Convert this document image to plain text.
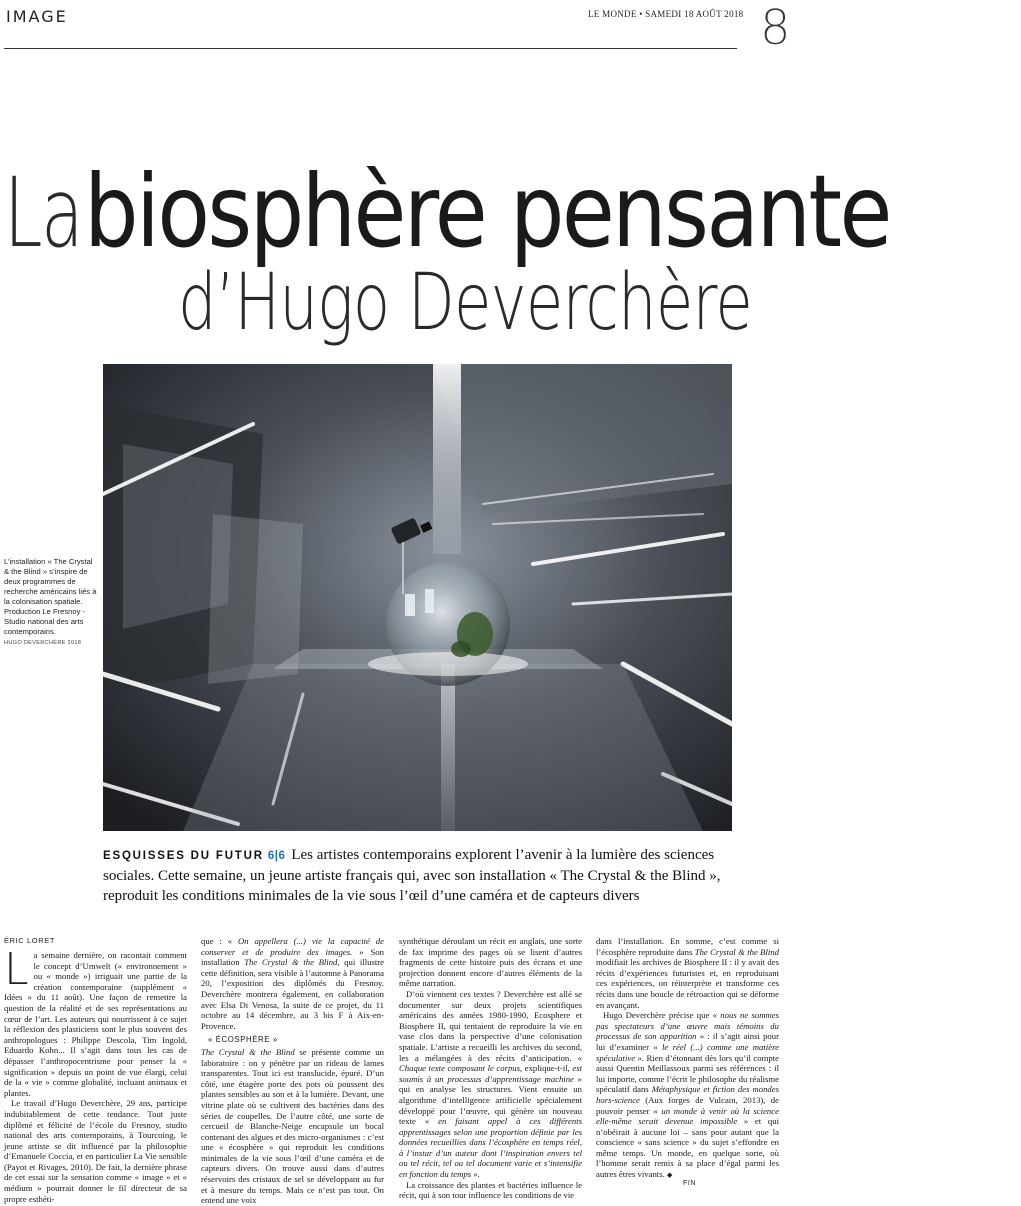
IMAGE	LE MONDE • SAMEDI 18 AOÛT 2018 8
Labiosphère pensante
d’Hugo Deverchère
L’installation « The Crystal & the Blind » s’inspire de deux programmes de recherche américains liés à la colonisation spatiale. Production Le Fresnoy - Studio national des arts contemporains.
HUGO DEVERCHÈRE 2018
ESQUISSES DU FUTUR 6|6 Les artistes contemporains explorent l’avenir à la lumière des sciences sociales. Cette semaine, un jeune artiste français qui, avec son installation « The Crystal & the Blind », reproduit les conditions minimales de la vie sous l’œil d’une caméra et de capteurs divers
ÉRIC LORET

La semaine dernière, on racontait comment le concept d’Umwelt (« environnement » ou « monde ») irriguait une partie de la création contemporaine (supplément « Idées » du 11 août). Une façon de remettre la question de la réalité et de ses représentations au cœur de l’art. Les auteurs qui nourrissent à ce sujet la réflexion des plasticiens sont le plus souvent des anthropologues : Philippe Descola, Tim Ingold, Eduardo Kohn... Il s’agit dans tous les cas de dépasser l’anthropocentrisme pour penser la « signification » depuis un point de vue élargi, celui de la « vie » comme globalité, incluant animaux et plantes.

Le travail d’Hugo Deverchère, 29 ans, participe indubitablement de cette tendance. Tout juste diplômé et félicité de l’école du Fresnoy, studio national des arts contemporains, à Tourcoing, le jeune artiste se dit influencé par la philosophie d’Emanuele Coccia, et en particulier La Vie sensible (Payot et Rivages, 2010). De fait, la dernière phrase de cet essai sur la sensation comme « image » et « médium » pourrait donner le fil directeur de sa propre esthéti-

que : « On appellera (...) vie la capacité de conserver et de produire des images. » Son installation The Crystal & the Blind, qui illustre cette définition, sera visible à l’automne à Panorama 20, l’exposition des diplômés du Fresnoy. Deverchère montrera également, en collaboration avec Elsa Di Venosa, la suite de ce projet, du 11 octobre au 14 décembre, au 3 bis F à Aix-en-Provence.

« ÉCOSPHÈRE »

The Crystal & the Blind se présente comme un laboratoire : on y pénètre par un rideau de lames transparentes. Tout ici est translucide, épuré. D’un côté, une étagère porte des pots où poussent des plantes sensibles au son et à la lumière. Devant, une vitrine plate où se cultivent des bactéries dans des séries de coupelles. De l’autre côté, une sorte de cercueil de Blanche-Neige encapsule un bocal contenant des algues et des micro-organismes : c’est une « écosphère » qui reproduit les conditions minimales de la vie sous l’œil d’une caméra et de capteurs divers. On trouve aussi dans d’autres réservoirs des cristaux de sel se développant au fur et à mesure du temps. Mais ce n’est pas tout. On entend une voix

synthétique déroulant un récit en anglais, une sorte de fax imprime des pages où se lisent d’autres fragments de cette histoire puis des écrans et une projection donnent encore d’autres éléments de la même narration.

D’où viennent ces textes ? Deverchère est allé se documenter sur deux projets scientifiques américains des années 1980-1990, Ecosphere et Biosphere II, qui tentaient de reproduire la vie en vase clos dans la perspective d’une colonisation spatiale. L’artiste a recueilli les archives du second, les a mélangées à des récits d’anticipation. « Chaque texte composant le corpus, explique-t-il, est soumis à un processus d’apprentissage machine » qui en analyse les structures. Vient ensuite un algorithme d’intelligence artificielle spécialement développé pour l’œuvre, qui génère un nouveau texte « en faisant appel à ces différents apprentissages selon une proportion définie par les données recueillies dans l’écosphère en temps réel, à l’instar d’un auteur dont l’inspiration envers tel ou tel récit, tel ou tel document varie et s’intensifie en fonction du temps ».

La croissance des plantes et bactéries influence le récit, qui à son tour influence les conditions de vie

dans l’installation. En somme, c’est comme si l’écosphère reproduite dans The Crystal & the Blind modifiait les archives de Biosphere II : il y avait des récits d’expériences futuristes et, en reproduisant ces expériences, on réinterprète et transforme ces récits dans une boucle de rétroaction qui se déforme en avançant.

Hugo Deverchère précise que « nous ne sommes pas spectateurs d’une œuvre mais témoins du processus de son apparition » : il s’agit ainsi pour lui d’examiner « le réel (...) comme une matière spéculative ». Rien d’étonnant dès lors qu’il compte aussi Quentin Meillassoux parmi ses références : il lui importe, comme l’écrit le philosophe du réalisme spéculatif dans Métaphysique et fiction des mondes hors-science (Aux forges de Vulcain, 2013), de pouvoir penser « un monde à venir où la science elle-même serait devenue impossible » et qui n’obéirait à aucune loi – sans pour autant que la conscience « sans science » du sujet s’effondre en même temps. Un monde, en quelque sorte, où l’homme serait remis à sa place d’égal parmi les autres êtres vivants. ◆

FIN
